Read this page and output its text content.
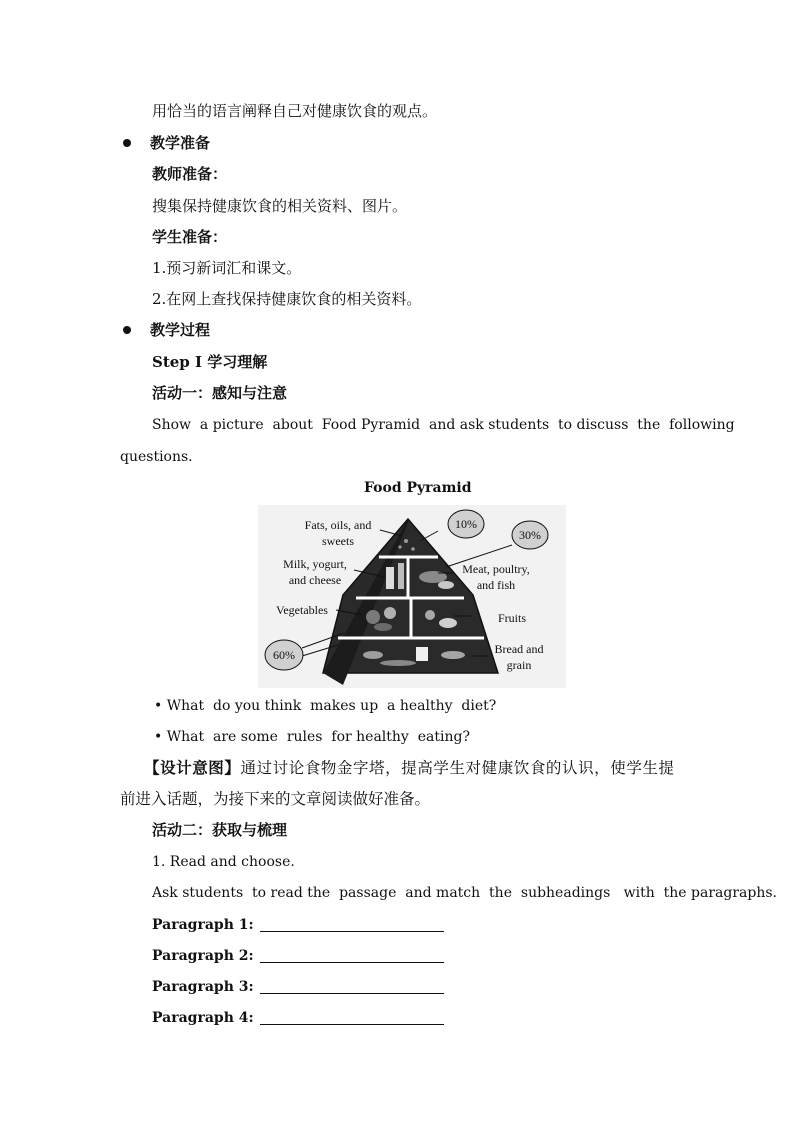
用恰当的语言阐释自己对健康饮食的观点。
教学准备
教师准备：
搜集保持健康饮食的相关资料、图片。
学生准备：
1.预习新词汇和课文。
2.在网上查找保持健康饮食的相关资料。
教学过程
Step I 学习理解
活动一：感知与注意
Show  a picture  about  Food Pyramid  and ask students  to discuss  the  following
questions.
Food Pyramid
10%
30%
60%
Fats, oils, and
sweets
Milk, yogurt,
and cheese
Vegetables
Meat, poultry,
and fish
Fruits
Bread and
grain
• What  do you think  makes up  a healthy  diet?
• What  are some  rules  for healthy  eating?
【设计意图】通过讨论食物金字塔，提高学生对健康饮食的认识，使学生提
前进入话题，为接下来的文章阅读做好准备。
活动二：获取与梳理
1. Read and choose.
Ask students  to read the  passage  and match  the  subheadings   with  the paragraphs.
Paragraph 1:
Paragraph 2:
Paragraph 3:
Paragraph 4:
